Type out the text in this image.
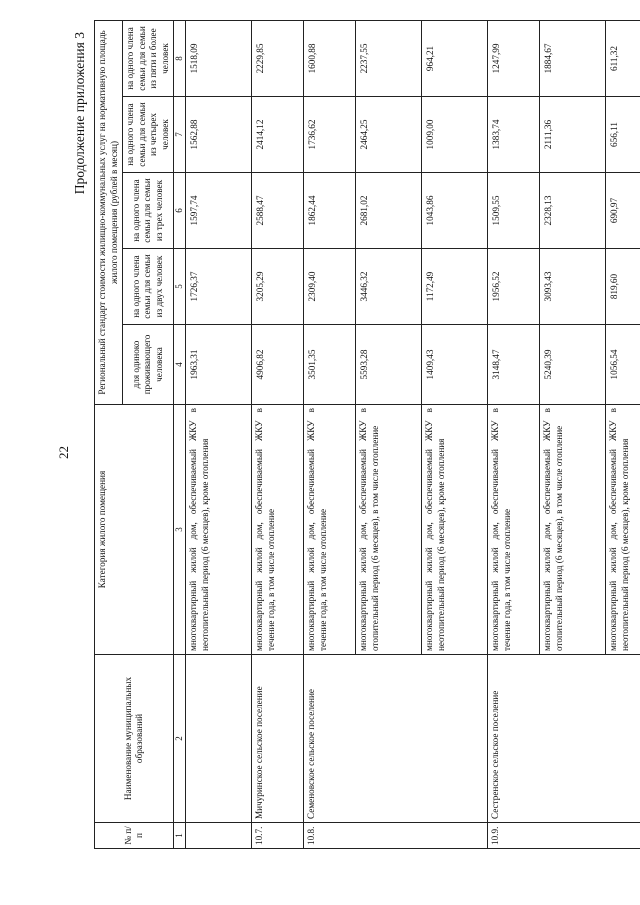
22
Продолжение приложения 3
№ п/п	Наименование муниципальных образований	Категория жилого помещения	Региональный стандарт стоимости жилищно-коммунальных услуг на нормативную площадь жилого помещения (рублей в месяц)				
			для одиноко проживающего человека	на одного члена семьи для семьи из двух человек	на одного члена семьи для семьи из трех человек	на одного члена семьи для семьи из четырех человек	на одного члена семьи для семьи из пяти и более человек
1	2	3	4	5	6	7	8
		многоквартирный жилой дом, обеспечиваемый ЖКУ в неотопительный период (6 месяцев), кроме отопления	1963,31	1726,37	1597,74	1562,88	1518,09
10.7.	Мичуринское сельское поселение	многоквартирный жилой дом, обеспечиваемый ЖКУ в течение года, в том числе отопление	4906,82	3205,29	2588,47	2414,12	2229,85
10.8.	Семеновское сельское поселение	многоквартирный жилой дом, обеспечиваемый ЖКУ в течение года, в том числе отопление	3501,35	2309,40	1862,44	1736,62	1600,88
		многоквартирный жилой дом, обеспечиваемый ЖКУ в отопительный период (6 месяцев), в том числе отопление	5593,28	3446,32	2681,02	2464,25	2237,55
		многоквартирный жилой дом, обеспечиваемый ЖКУ в неотопительный период (6 месяцев), кроме отопления	1409,43	1172,49	1043,86	1009,00	964,21
10.9.	Сестренское сельское поселение	многоквартирный жилой дом, обеспечиваемый ЖКУ в течение года, в том числе отопление	3148,47	1956,52	1509,55	1383,74	1247,99
		многоквартирный жилой дом, обеспечиваемый ЖКУ в отопительный период (6 месяцев), в том числе отопление	5240,39	3093,43	2328,13	2111,36	1884,67
		многоквартирный жилой дом, обеспечиваемый ЖКУ в неотопительный период (6 месяцев), кроме отопления	1056,54	819,60	690,97	656,11	611,32
